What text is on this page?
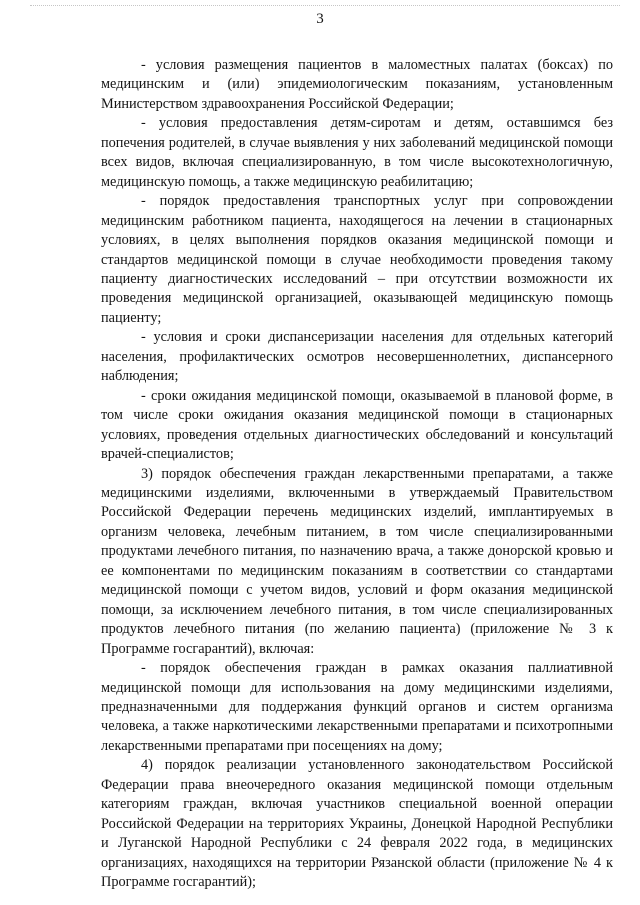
3

- условия размещения пациентов в маломестных палатах (боксах) по медицинским и (или) эпидемиологическим показаниям, установленным Министерством здравоохранения Российской Федерации;

- условия предоставления детям-сиротам и детям, оставшимся без попечения родителей, в случае выявления у них заболеваний медицинской помощи всех видов, включая специализированную, в том числе высокотехнологичную, медицинскую помощь, а также медицинскую реабилитацию;

- порядок предоставления транспортных услуг при сопровождении медицинским работником пациента, находящегося на лечении в стационарных условиях, в целях выполнения порядков оказания медицинской помощи и стандартов медицинской помощи в случае необходимости проведения такому пациенту диагностических исследований – при отсутствии возможности их проведения медицинской организацией, оказывающей медицинскую помощь пациенту;

- условия и сроки диспансеризации населения для отдельных категорий населения, профилактических осмотров несовершеннолетних, диспансерного наблюдения;

- сроки ожидания медицинской помощи, оказываемой в плановой форме, в том числе сроки ожидания оказания медицинской помощи в стационарных условиях, проведения отдельных диагностических обследований и консультаций врачей-специалистов;

3) порядок обеспечения граждан лекарственными препаратами, а также медицинскими изделиями, включенными в утверждаемый Правительством Российской Федерации перечень медицинских изделий, имплантируемых в организм человека, лечебным питанием, в том числе специализированными продуктами лечебного питания, по назначению врача, а также донорской кровью и ее компонентами по медицинским показаниям в соответствии со стандартами медицинской помощи с учетом видов, условий и форм оказания медицинской помощи, за исключением лечебного питания, в том числе специализированных продуктов лечебного питания (по желанию пациента) (приложение № 3 к Программе госгарантий), включая:

- порядок обеспечения граждан в рамках оказания паллиативной медицинской помощи для использования на дому медицинскими изделиями, предназначенными для поддержания функций органов и систем организма человека, а также наркотическими лекарственными препаратами и психотропными лекарственными препаратами при посещениях на дому;

4) порядок реализации установленного законодательством Российской Федерации права внеочередного оказания медицинской помощи отдельным категориям граждан, включая участников специальной военной операции Российской Федерации на территориях Украины, Донецкой Народной Республики и Луганской Народной Республики с 24 февраля 2022 года, в медицинских организациях, находящихся на территории Рязанской области (приложение № 4 к Программе госгарантий);
